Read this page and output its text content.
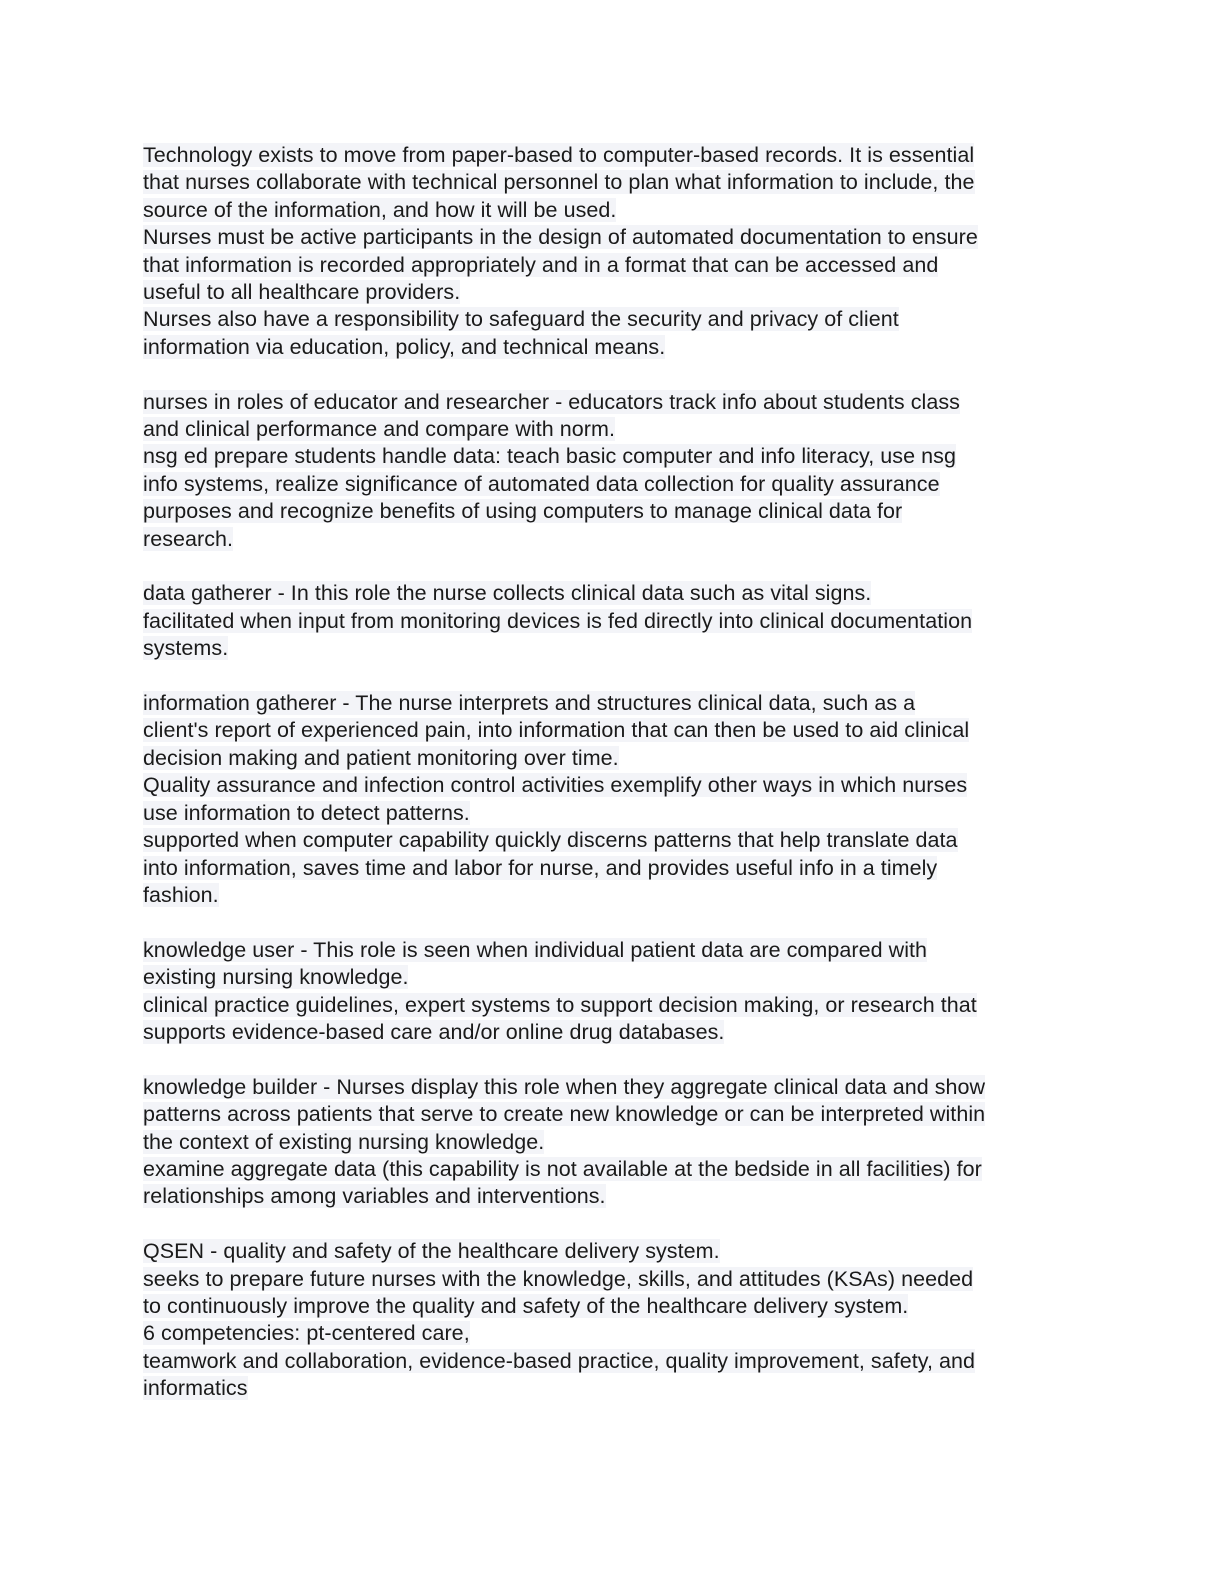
Technology exists to move from paper-based to computer-based records. It is essential
that nurses collaborate with technical personnel to plan what information to include, the
source of the information, and how it will be used.
Nurses must be active participants in the design of automated documentation to ensure
that information is recorded appropriately and in a format that can be accessed and
useful to all healthcare providers.
Nurses also have a responsibility to safeguard the security and privacy of client
information via education, policy, and technical means.
nurses in roles of educator and researcher - educators track info about students class
and clinical performance and compare with norm.
nsg ed prepare students handle data: teach basic computer and info literacy, use nsg
info systems, realize significance of automated data collection for quality assurance
purposes and recognize benefits of using computers to manage clinical data for
research.
data gatherer - In this role the nurse collects clinical data such as vital signs.
facilitated when input from monitoring devices is fed directly into clinical documentation
systems.
information gatherer - The nurse interprets and structures clinical data, such as a
client's report of experienced pain, into information that can then be used to aid clinical
decision making and patient monitoring over time.
Quality assurance and infection control activities exemplify other ways in which nurses
use information to detect patterns.
supported when computer capability quickly discerns patterns that help translate data
into information, saves time and labor for nurse, and provides useful info in a timely
fashion.
knowledge user - This role is seen when individual patient data are compared with
existing nursing knowledge.
clinical practice guidelines, expert systems to support decision making, or research that
supports evidence-based care and/or online drug databases.
knowledge builder - Nurses display this role when they aggregate clinical data and show
patterns across patients that serve to create new knowledge or can be interpreted within
the context of existing nursing knowledge.
examine aggregate data (this capability is not available at the bedside in all facilities) for
relationships among variables and interventions.
QSEN - quality and safety of the healthcare delivery system.
seeks to prepare future nurses with the knowledge, skills, and attitudes (KSAs) needed
to continuously improve the quality and safety of the healthcare delivery system.
6 competencies: pt-centered care,
teamwork and collaboration, evidence-based practice, quality improvement, safety, and
informatics
